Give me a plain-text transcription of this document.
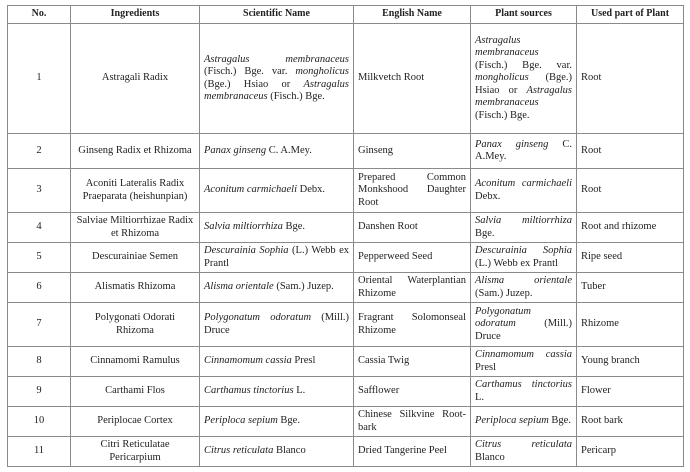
No.	Ingredients	Scientific Name	English Name	Plant sources	Used part of Plant
1	Astragali Radix	Astragalus membranaceus (Fisch.) Bge. var. mongholicus (Bge.) Hsiao or Astragalus membranaceus (Fisch.) Bge.	Milkvetch Root	Astragalus membranaceus (Fisch.) Bge. var. mongholicus (Bge.) Hsiao or Astragalus membranaceus (Fisch.) Bge.	Root
2	Ginseng Radix et Rhizoma	Panax ginseng C. A.Mey.	Ginseng	Panax ginseng C. A.Mey.	Root
3	Aconiti Lateralis Radix Praeparata (heishunpian)	Aconitum carmichaeli Debx.	Prepared Common Monkshood Daughter Root	Aconitum carmichaeli Debx.	Root
4	Salviae Miltiorrhizae Radix et Rhizoma	Salvia miltiorrhiza Bge.	Danshen Root	Salvia miltiorrhiza Bge.	Root and rhizome
5	Descurainiae Semen	Descurainia Sophia (L.) Webb ex Prantl	Pepperweed Seed	Descurainia Sophia (L.) Webb ex Prantl	Ripe seed
6	Alismatis Rhizoma	Alisma orientale (Sam.) Juzep.	Oriental Waterplantian Rhizome	Alisma orientale (Sam.) Juzep.	Tuber
7	Polygonati Odorati Rhizoma	Polygonatum odoratum (Mill.) Druce	Fragrant Solomonseal Rhizome	Polygonatum odoratum (Mill.) Druce	Rhizome
8	Cinnamomi Ramulus	Cinnamomum cassia Presl	Cassia Twig	Cinnamomum cassia Presl	Young branch
9	Carthami Flos	Carthamus tinctorius L.	Safflower	Carthamus tinctorius L.	Flower
10	Periplocae Cortex	Periploca sepium Bge.	Chinese Silkvine Root-bark	Periploca sepium Bge.	Root bark
11	Citri Reticulatae Pericarpium	Citrus reticulata Blanco	Dried Tangerine Peel	Citrus reticulata Blanco	Pericarp
